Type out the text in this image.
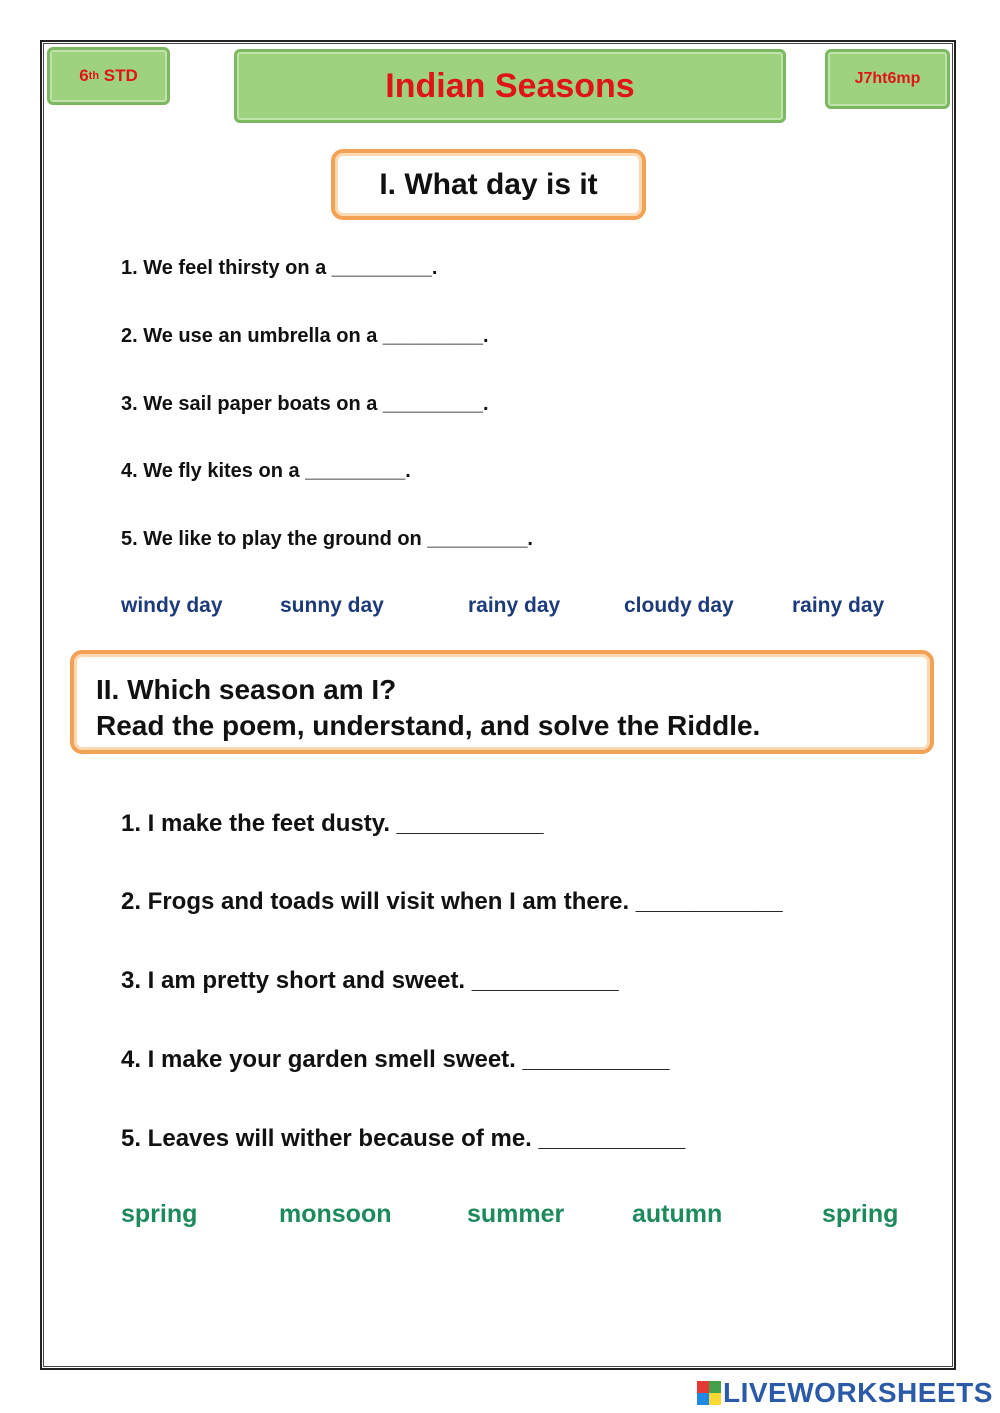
6 th
STD	Indian Seasons	J7ht6mp
I. What day is it
1. We feel thirsty on a _________.
2. We use an umbrella on a _________.
3. We sail paper boats on a _________.
4. We fly kites on a _________.
5. We like to play the ground on _________.
windy day	sunny day	rainy day	cloudy day	rainy day
II. Which season am I?
Read the poem, understand, and solve the Riddle.
1. I make the feet dusty. ___________
2. Frogs and toads will visit when I am there. ___________
3. I am pretty short and sweet. ___________
4. I make your garden smell sweet. ___________
5. Leaves will wither because of me. ___________
spring	monsoon	summer	autumn	spring
LIVEWORKSHEETS
